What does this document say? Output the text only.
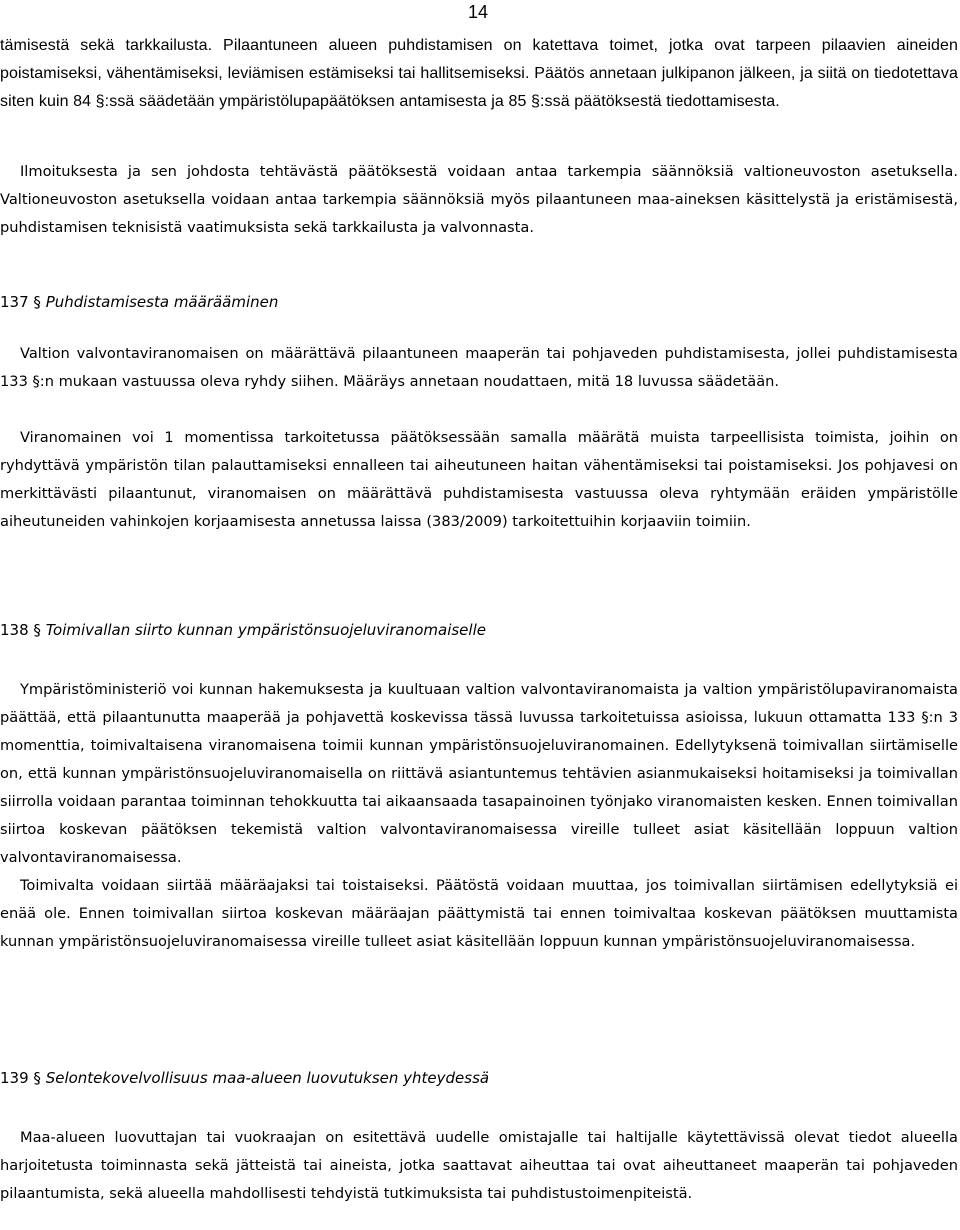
14

tämisestä sekä tarkkailusta. Pilaantuneen alueen puhdistamisen on katettava toimet, jotka ovat tarpeen pilaavien aineiden poistamiseksi, vähentämiseksi, leviämisen estämiseksi tai hallitsemiseksi. Päätös annetaan julkipanon jälkeen, ja siitä on tiedotettava siten kuin 84 §:ssä säädetään ympäristölupapäätöksen antamisesta ja 85 §:ssä päätöksestä tiedottamisesta.

Ilmoituksesta ja sen johdosta tehtävästä päätöksestä voidaan antaa tarkempia säännöksiä valtioneuvoston asetuksella. Valtioneuvoston asetuksella voidaan antaa tarkempia säännöksiä myös pilaantuneen maa-aineksen käsittelystä ja eristämisestä, puhdistamisen teknisistä vaatimuksista sekä tarkkailusta ja valvonnasta.

137 § Puhdistamisesta määrääminen

Valtion valvontaviranomaisen on määrättävä pilaantuneen maaperän tai pohjaveden puhdistamisesta, jollei puhdistamisesta 133 §:n mukaan vastuussa oleva ryhdy siihen. Määräys annetaan noudattaen, mitä 18 luvussa säädetään.

Viranomainen voi 1 momentissa tarkoitetussa päätöksessään samalla määrätä muista tarpeellisista toimista, joihin on ryhdyttävä ympäristön tilan palauttamiseksi ennalleen tai aiheutuneen haitan vähentämiseksi tai poistamiseksi. Jos pohjavesi on merkittävästi pilaantunut, viranomaisen on määrättävä puhdistamisesta vastuussa oleva ryhtymään eräiden ympäristölle aiheutuneiden vahinkojen korjaamisesta annetussa laissa (383/2009) tarkoitettuihin korjaaviin toimiin.

138 § Toimivallan siirto kunnan ympäristönsuojeluviranomaiselle

Ympäristöministeriö voi kunnan hakemuksesta ja kuultuaan valtion valvontaviranomaista ja valtion ympäristölupaviranomaista päättää, että pilaantunutta maaperää ja pohjavettä koskevissa tässä luvussa tarkoitetuissa asioissa, lukuun ottamatta 133 §:n 3 momenttia, toimivaltaisena viranomaisena toimii kunnan ympäristönsuojeluviranomainen. Edellytyksenä toimivallan siirtämiselle on, että kunnan ympäristönsuojeluviranomaisella on riittävä asiantuntemus tehtävien asianmukaiseksi hoitamiseksi ja toimivallan siirrolla voidaan parantaa toiminnan tehokkuutta tai aikaansaada tasapainoinen työnjako viranomaisten kesken. Ennen toimivallan siirtoa koskevan päätöksen tekemistä valtion valvontaviranomaisessa vireille tulleet asiat käsitellään loppuun valtion valvontaviranomaisessa.

Toimivalta voidaan siirtää määräajaksi tai toistaiseksi. Päätöstä voidaan muuttaa, jos toimivallan siirtämisen edellytyksiä ei enää ole. Ennen toimivallan siirtoa koskevan määräajan päättymistä tai ennen toimivaltaa koskevan päätöksen muuttamista kunnan ympäristönsuojeluviranomaisessa vireille tulleet asiat käsitellään loppuun kunnan ympäristönsuojeluviranomaisessa.

139 § Selontekovelvollisuus maa-alueen luovutuksen yhteydessä

Maa-alueen luovuttajan tai vuokraajan on esitettävä uudelle omistajalle tai haltijalle käytettävissä olevat tiedot alueella harjoitetusta toiminnasta sekä jätteistä tai aineista, jotka saattavat aiheuttaa tai ovat aiheuttaneet maaperän tai pohjaveden pilaantumista, sekä alueella mahdollisesti tehdyistä tutkimuksista tai puhdistustoimenpiteistä.
